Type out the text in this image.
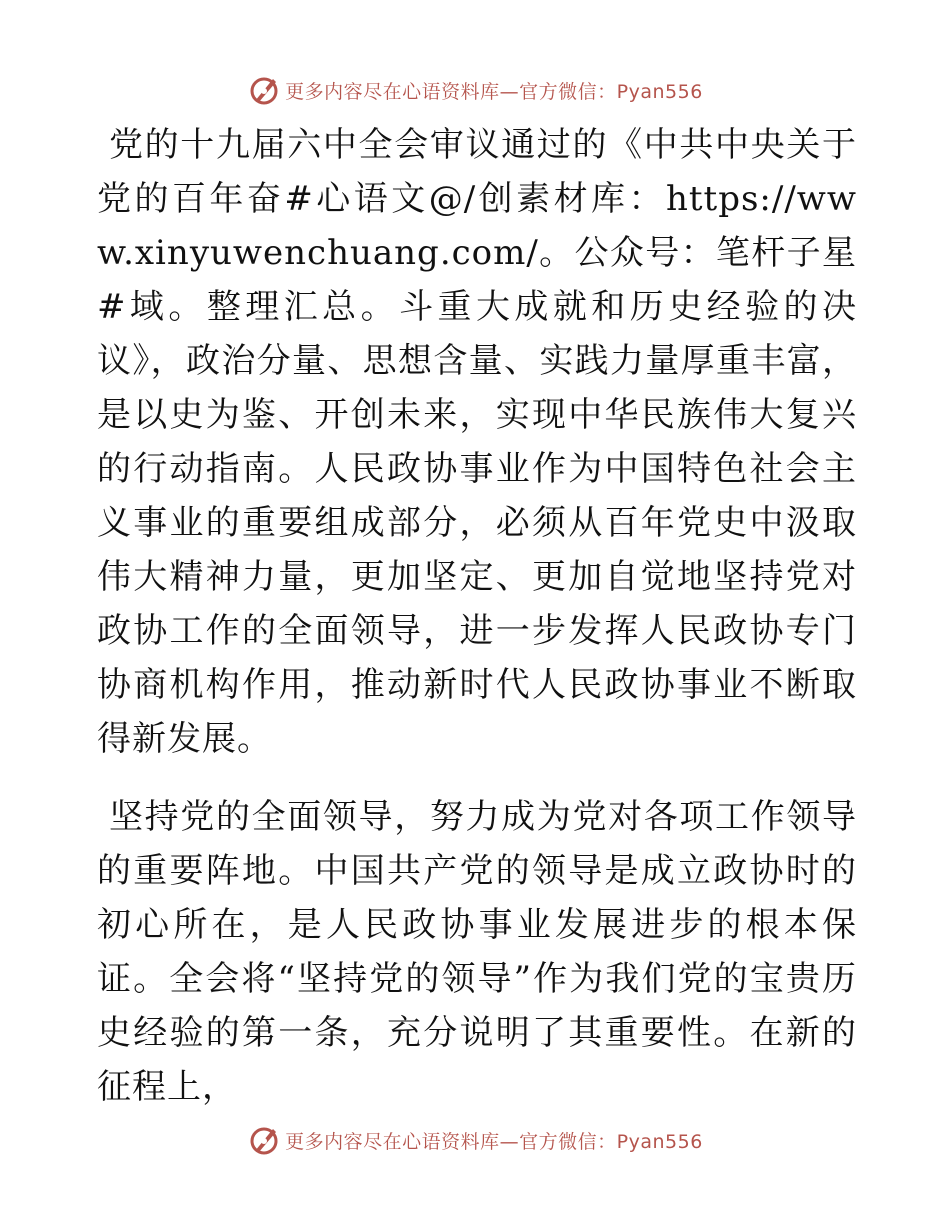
更多内容尽在心语资料库—官方微信：Pyan556

党的十九届六中全会审议通过的《中共中央关于党的百年奋#心语文@/创素材库：https://www.xinyuwenchuang.com/。公众号：笔杆子星#域。整理汇总。斗重大成就和历史经验的决议》，政治分量、思想含量、实践力量厚重丰富，是以史为鉴、开创未来，实现中华民族伟大复兴的行动指南。人民政协事业作为中国特色社会主义事业的重要组成部分，必须从百年党史中汲取伟大精神力量，更加坚定、更加自觉地坚持党对政协工作的全面领导，进一步发挥人民政协专门协商机构作用，推动新时代人民政协事业不断取得新发展。

坚持党的全面领导，努力成为党对各项工作领导的重要阵地。中国共产党的领导是成立政协时的初心所在，是人民政协事业发展进步的根本保证。全会将“坚持党的领导”作为我们党的宝贵历史经验的第一条，充分说明了其重要性。在新的征程上，

更多内容尽在心语资料库—官方微信：Pyan556
